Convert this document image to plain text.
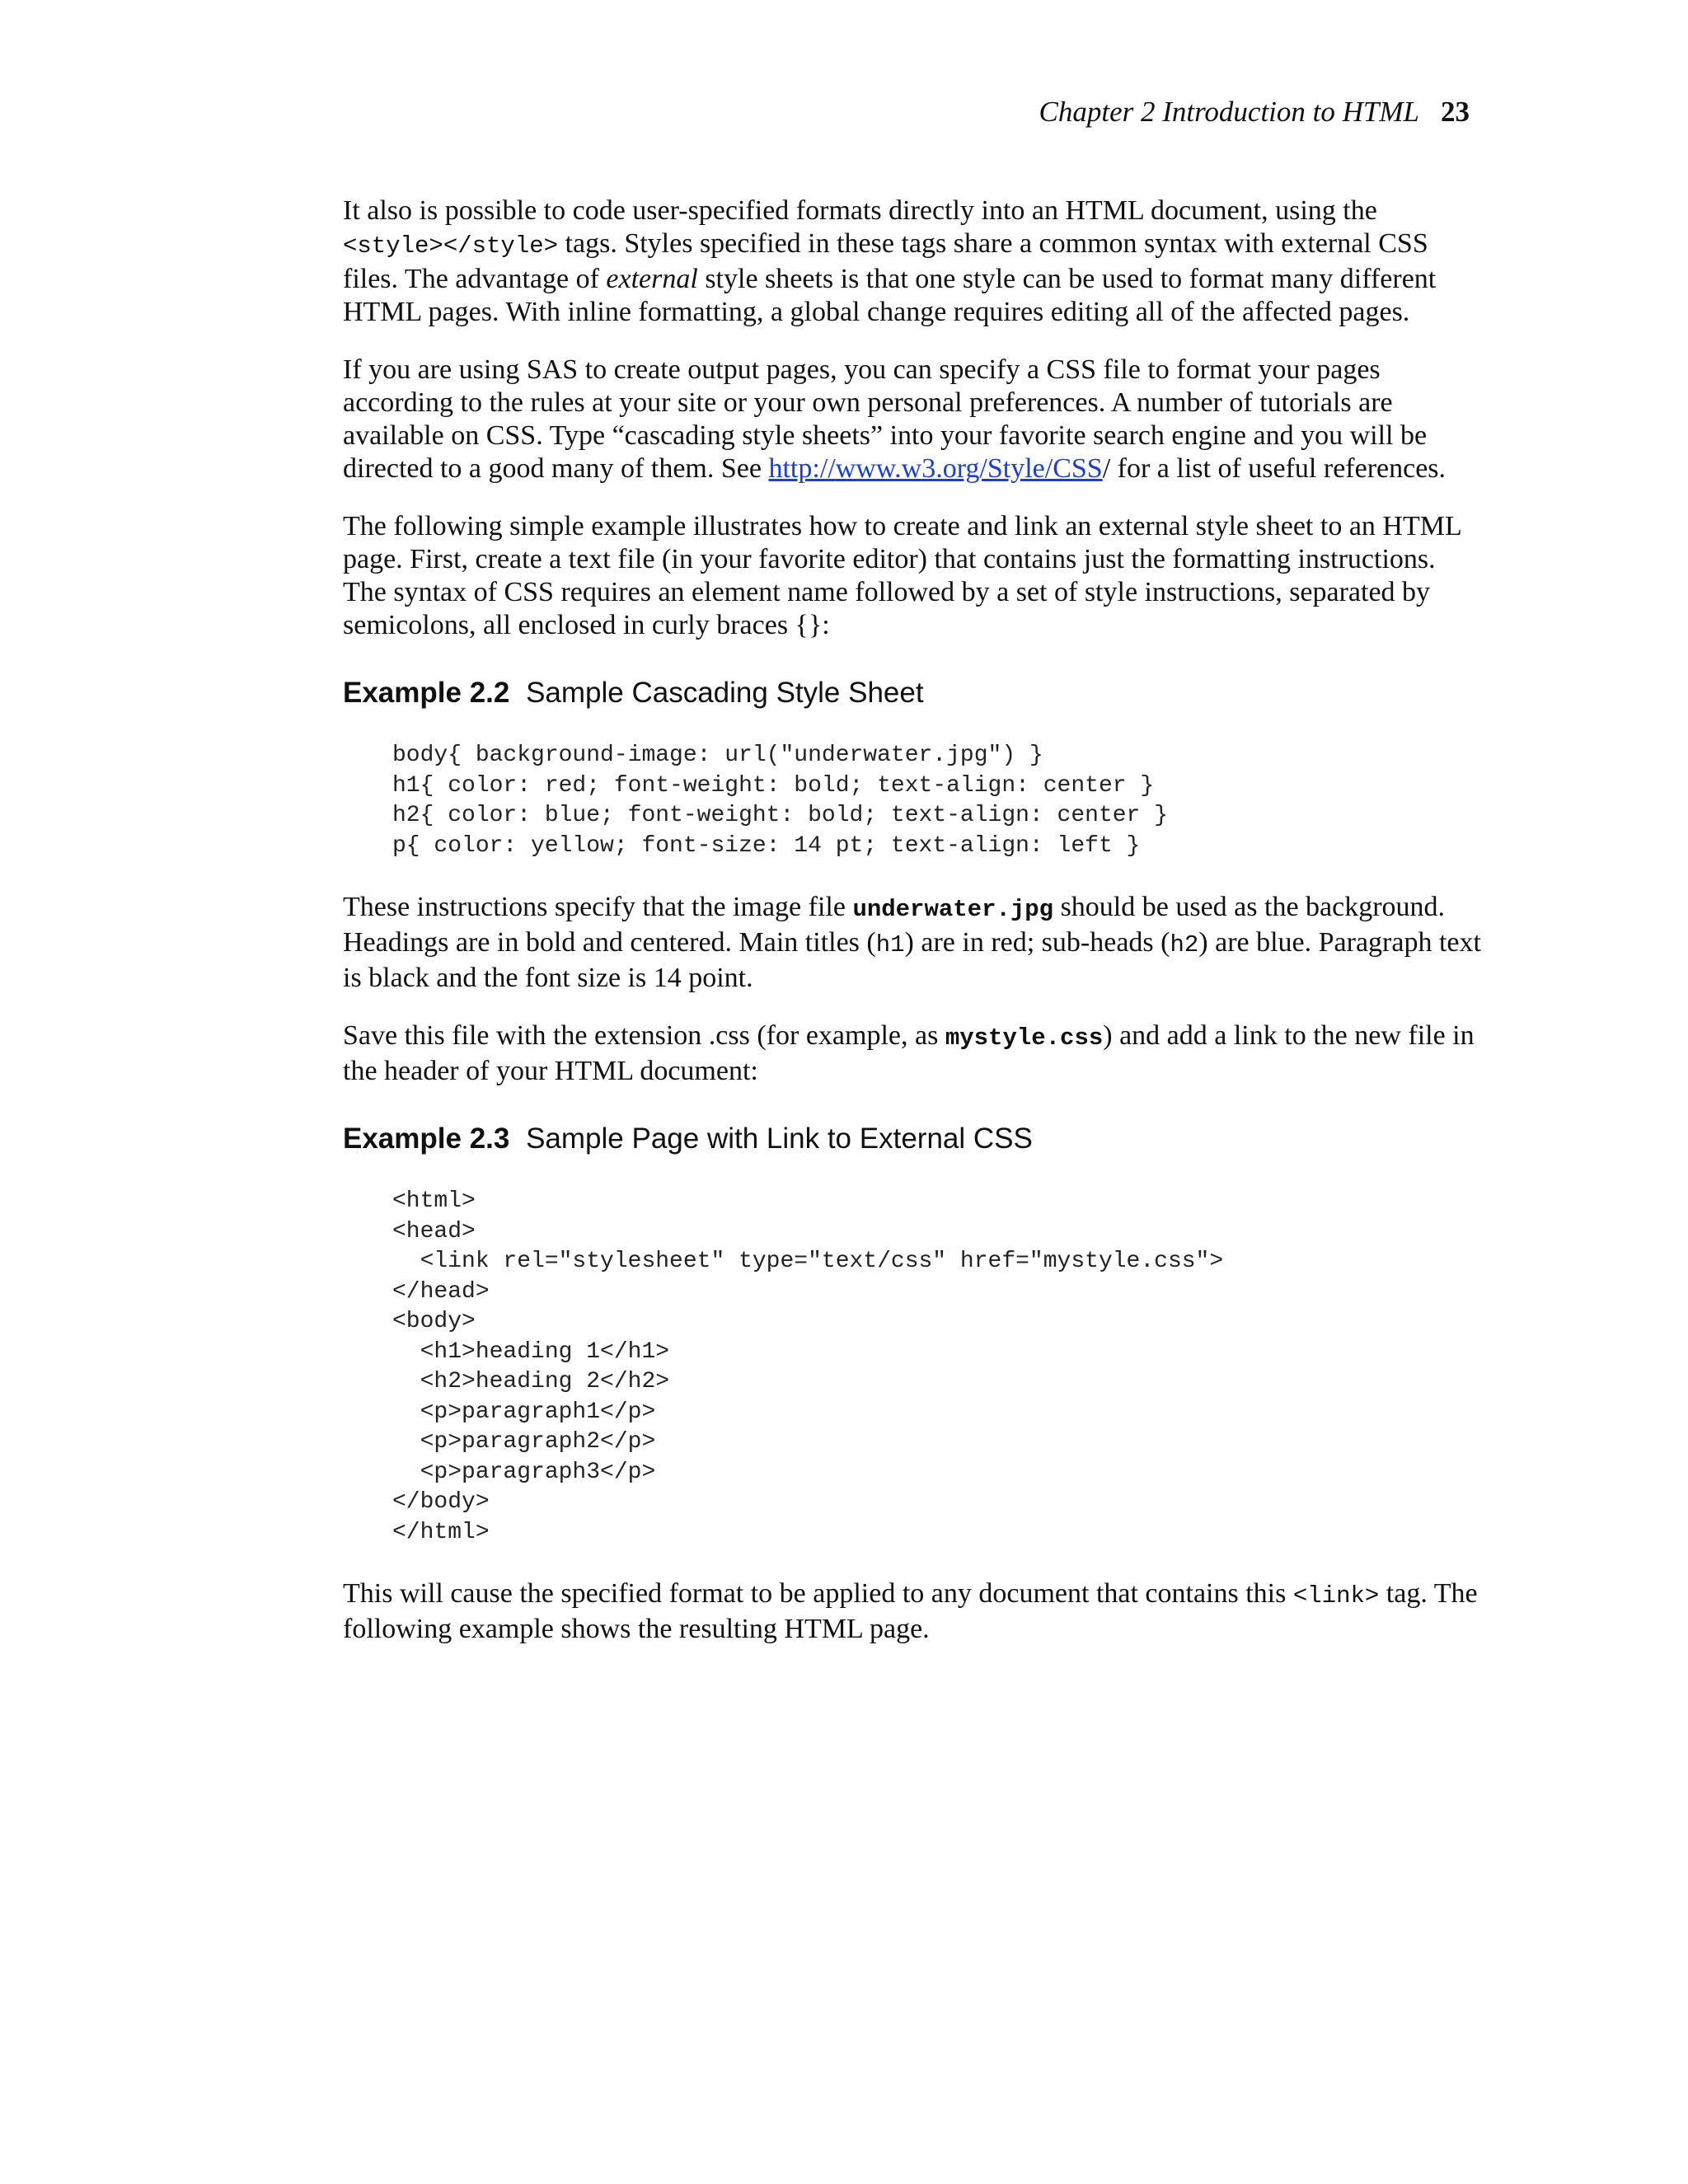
Chapter 2 Introduction to HTML 23

It also is possible to code user-specified formats directly into an HTML document, using the <style></style> tags. Styles specified in these tags share a common syntax with external CSS files. The advantage of external style sheets is that one style can be used to format many different HTML pages. With inline formatting, a global change requires editing all of the affected pages.

If you are using SAS to create output pages, you can specify a CSS file to format your pages according to the rules at your site or your own personal preferences. A number of tutorials are available on CSS. Type “cascading style sheets” into your favorite search engine and you will be directed to a good many of them. See http://www.w3.org/Style/CSS/ for a list of useful references.

The following simple example illustrates how to create and link an external style sheet to an HTML page. First, create a text file (in your favorite editor) that contains just the formatting instructions. The syntax of CSS requires an element name followed by a set of style instructions, separated by semicolons, all enclosed in curly braces {}:

Example 2.2 Sample Cascading Style Sheet
body{ background-image: url("underwater.jpg") }
h1{ color: red; font-weight: bold; text-align: center }
h2{ color: blue; font-weight: bold; text-align: center }
p{ color: yellow; font-size: 14 pt; text-align: left }

These instructions specify that the image file underwater.jpg should be used as the background. Headings are in bold and centered. Main titles (h1) are in red; sub-heads (h2) are blue. Paragraph text is black and the font size is 14 point.

Save this file with the extension .css (for example, as mystyle.css) and add a link to the new file in the header of your HTML document:

Example 2.3 Sample Page with Link to External CSS
<html>
<head>
<link rel="stylesheet" type="text/css" href="mystyle.css">
</head>
<body>
<h1>heading 1</h1>
<h2>heading 2</h2>
<p>paragraph1</p>
<p>paragraph2</p>
<p>paragraph3</p>
</body>
</html>

This will cause the specified format to be applied to any document that contains this <link> tag. The following example shows the resulting HTML page.
